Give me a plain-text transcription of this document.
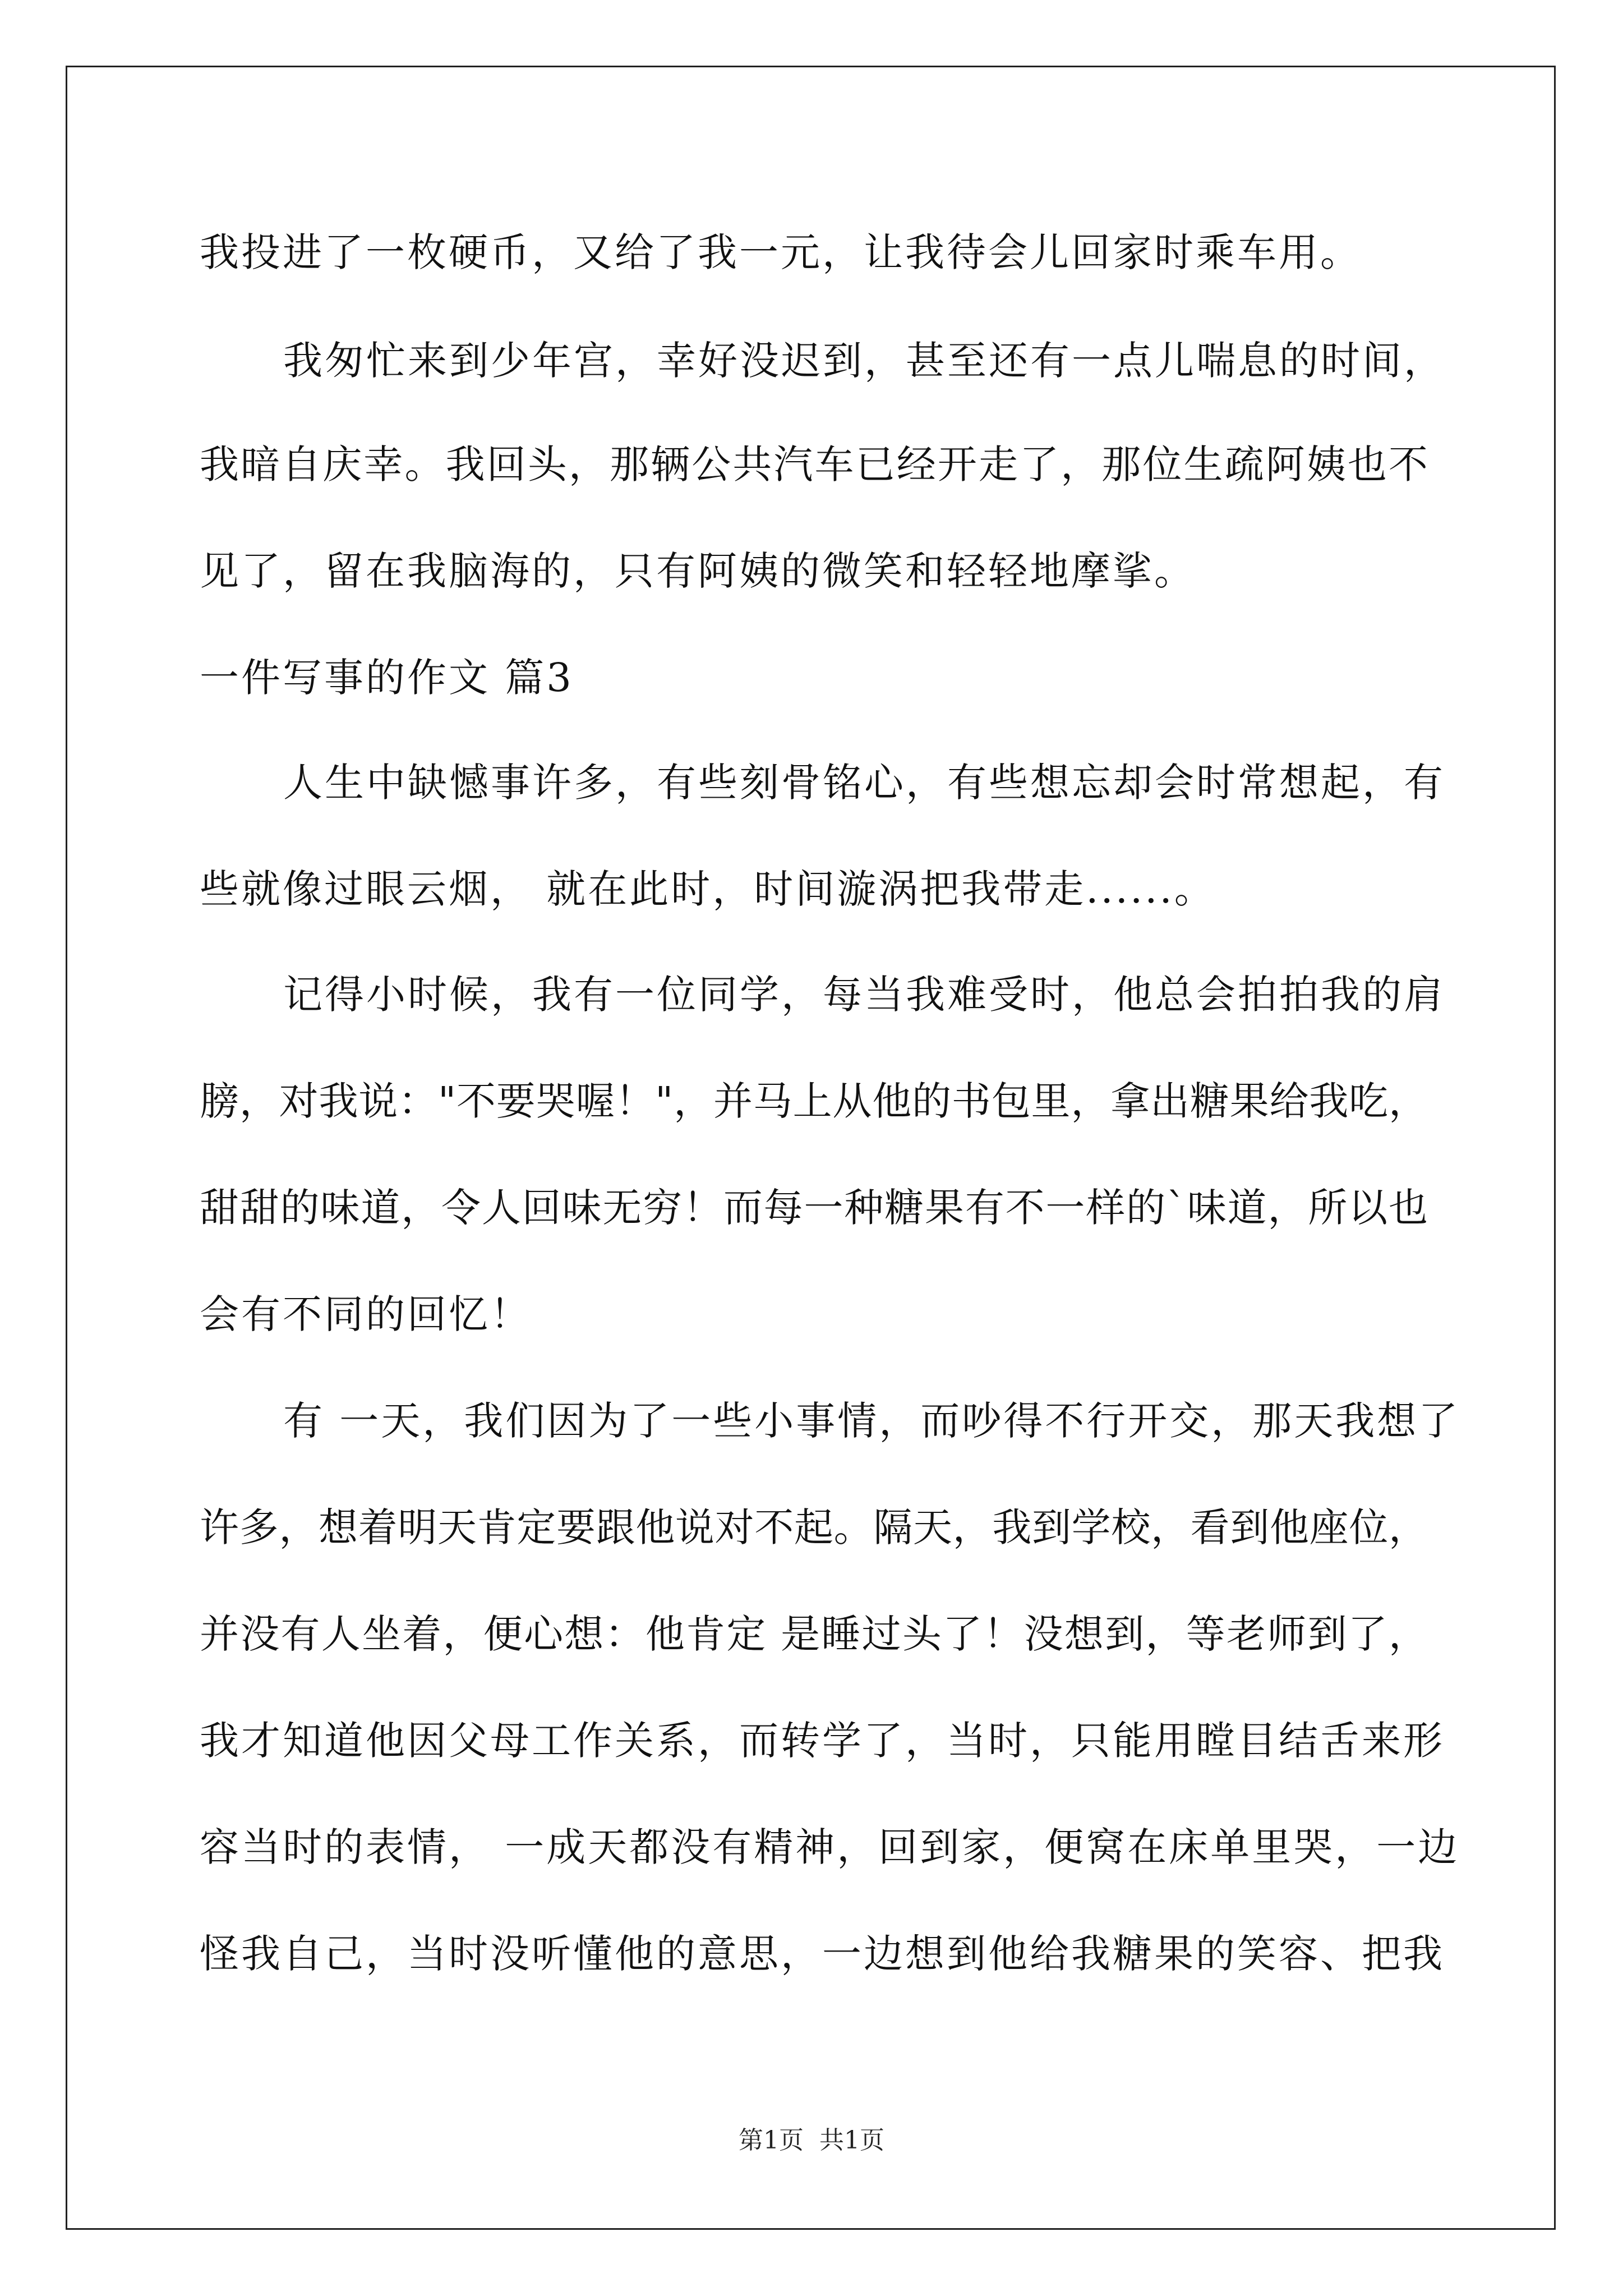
我投进了一枚硬币，又给了我一元，让我待会儿回家时乘车用。

我匆忙来到少年宫，幸好没迟到，甚至还有一点儿喘息的时间，

我暗自庆幸。我回头，那辆公共汽车已经开走了，那位生疏阿姨也不

见了，留在我脑海的，只有阿姨的微笑和轻轻地摩挲。

一件写事的作文 篇3

人生中缺憾事许多，有些刻骨铭心，有些想忘却会时常想起，有

些就像过眼云烟， 就在此时，时间漩涡把我带走......。

记得小时候，我有一位同学，每当我难受时，他总会拍拍我的肩

膀，对我说："不要哭喔！"，并马上从他的书包里，拿出糖果给我吃，

甜甜的味道，令人回味无穷！而每一种糖果有不一样的`味道，所以也

会有不同的回忆！

有 一天，我们因为了一些小事情，而吵得不行开交，那天我想了

许多，想着明天肯定要跟他说对不起。隔天，我到学校，看到他座位，

并没有人坐着，便心想：他肯定 是睡过头了！没想到，等老师到了，

我才知道他因父母工作关系，而转学了，当时，只能用瞠目结舌来形

容当时的表情， 一成天都没有精神，回到家，便窝在床单里哭，一边

怪我自己，当时没听懂他的意思，一边想到他给我糖果的笑容、把我

第1页  共1页
